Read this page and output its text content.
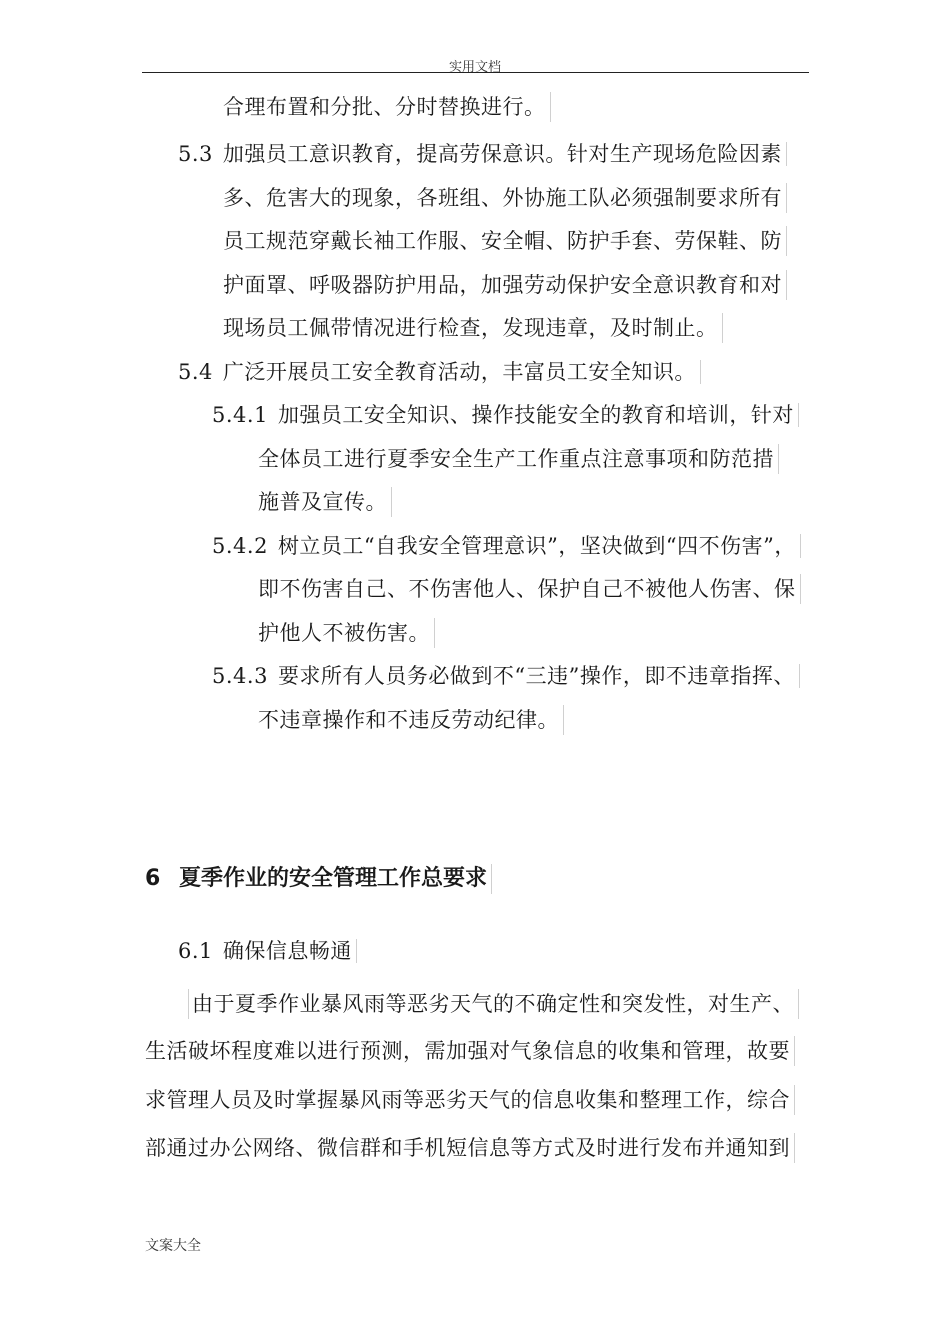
实用文档
合理布置和分批、分时替换进行。
5.3 加强员工意识教育，提高劳保意识。针对生产现场危险因素
多、危害大的现象，各班组、外协施工队必须强制要求所有
员工规范穿戴长袖工作服、安全帽、防护手套、劳保鞋、防
护面罩、呼吸器防护用品，加强劳动保护安全意识教育和对
现场员工佩带情况进行检查，发现违章，及时制止。
5.4 广泛开展员工安全教育活动，丰富员工安全知识。
5.4.1 加强员工安全知识、操作技能安全的教育和培训，针对
全体员工进行夏季安全生产工作重点注意事项和防范措
施普及宣传。
5.4.2 树立员工“自我安全管理意识”，坚决做到“四不伤害”，
即不伤害自己、不伤害他人、保护自己不被他人伤害、保
护他人不被伤害。
5.4.3 要求所有人员务必做到不“三违”操作，即不违章指挥、
不违章操作和不违反劳动纪律。
6 夏季作业的安全管理工作总要求
6.1 确保信息畅通
由于夏季作业暴风雨等恶劣天气的不确定性和突发性，对生产、
生活破坏程度难以进行预测，需加强对气象信息的收集和管理，故要
求管理人员及时掌握暴风雨等恶劣天气的信息收集和整理工作，综合
部通过办公网络、微信群和手机短信息等方式及时进行发布并通知到
文案大全
